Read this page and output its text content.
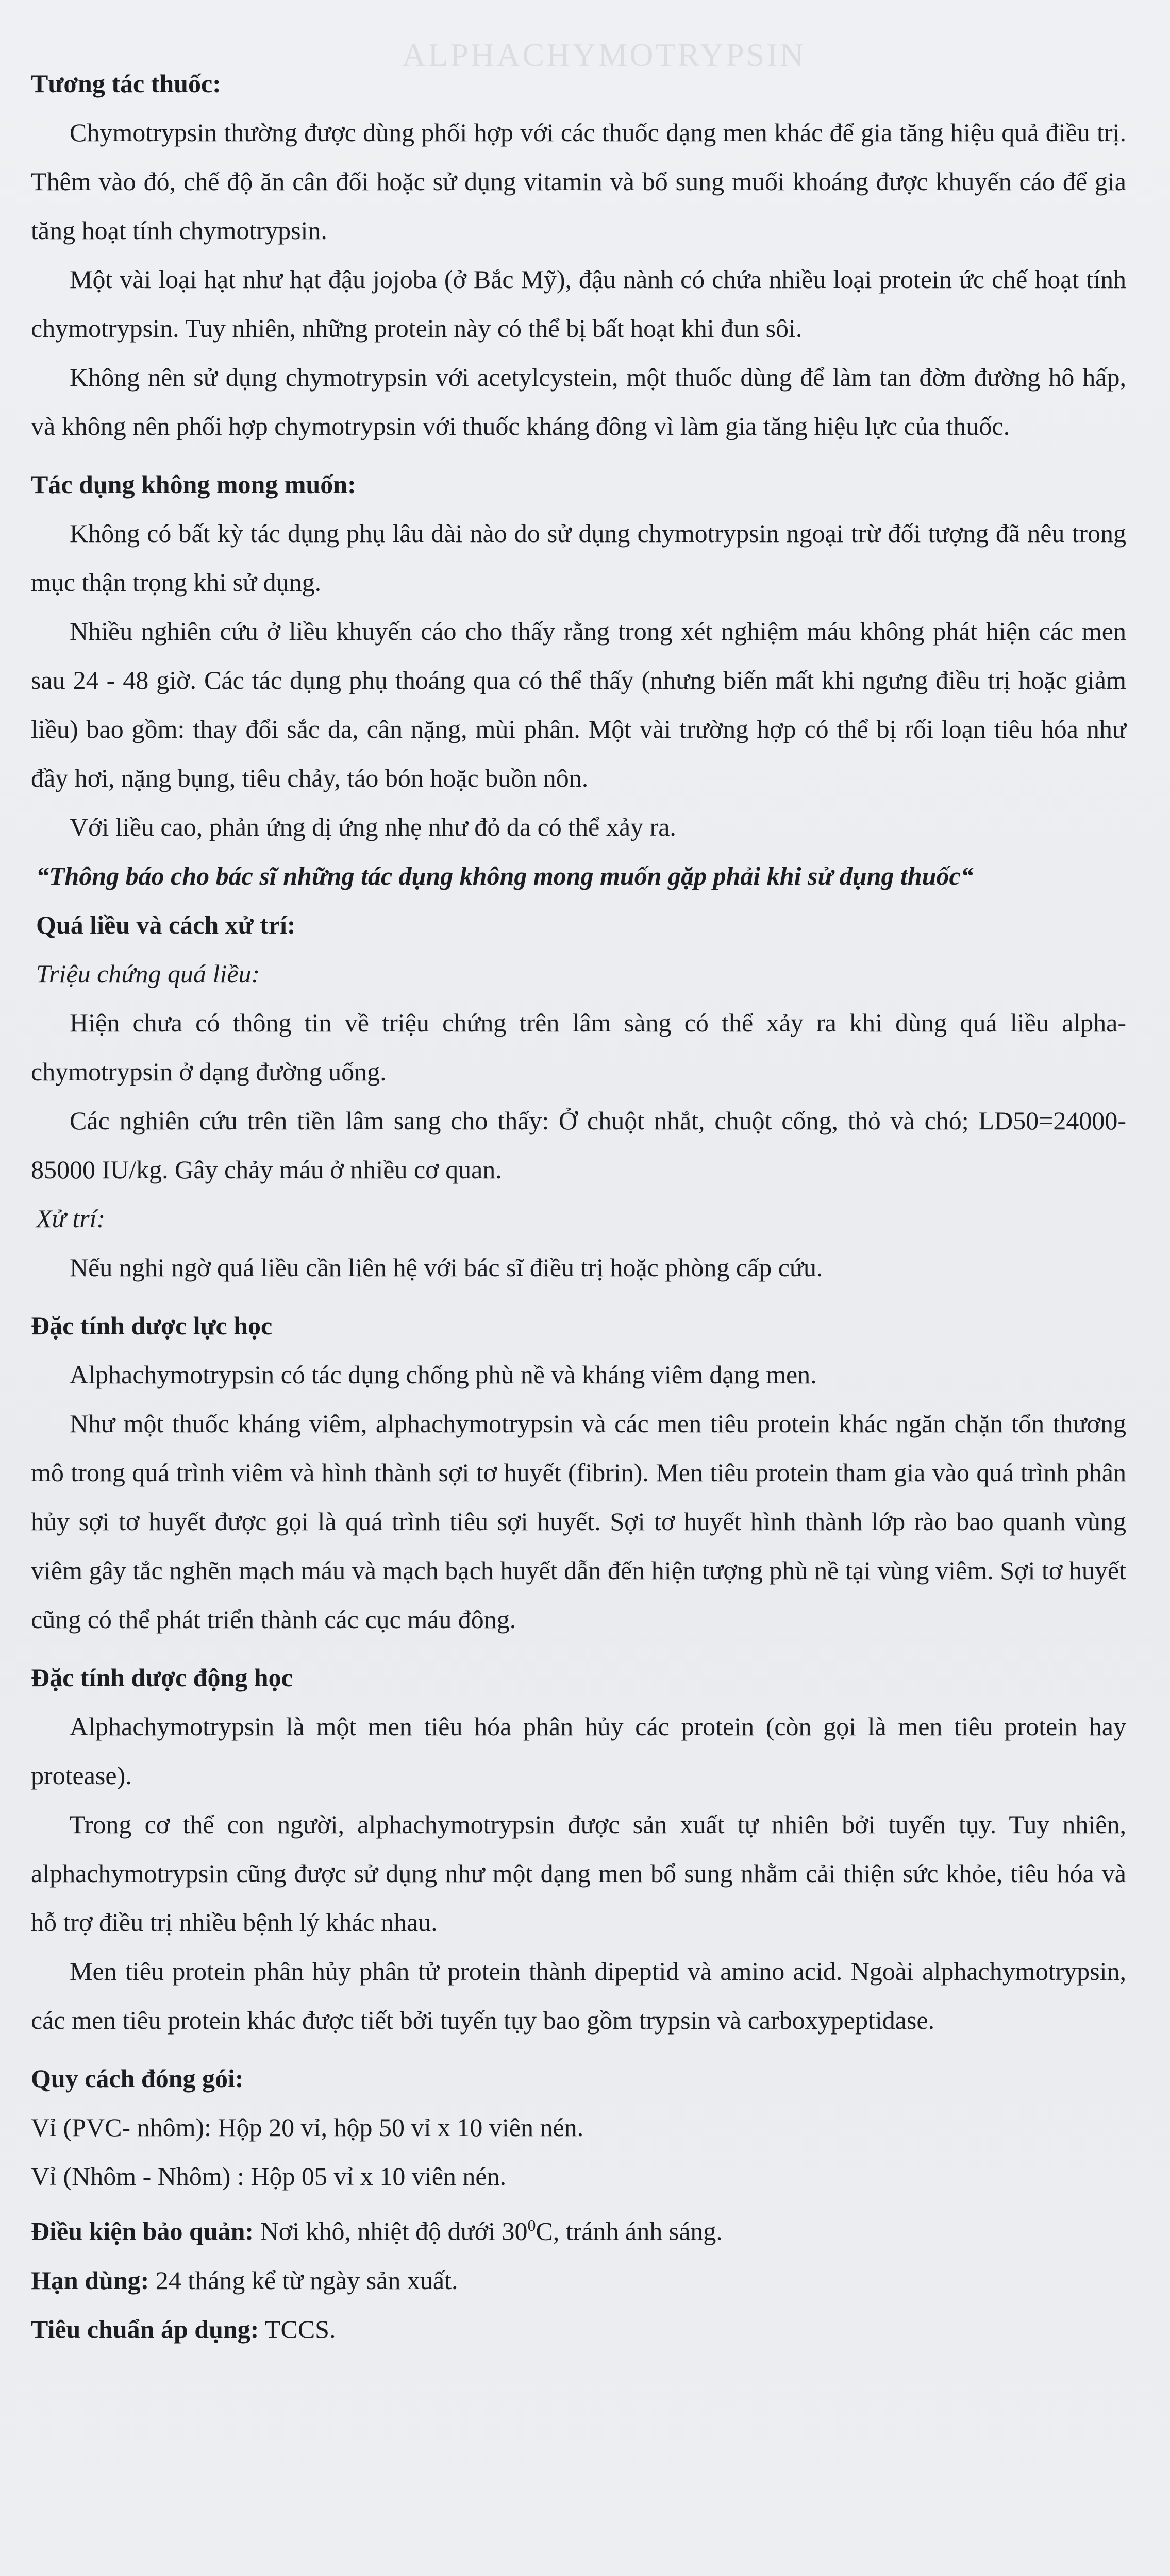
ALPHACHYMOTRYPSIN

Tương tác thuốc:

Chymotrypsin thường được dùng phối hợp với các thuốc dạng men khác để gia tăng hiệu quả điều trị. Thêm vào đó, chế độ ăn cân đối hoặc sử dụng vitamin và bổ sung muối khoáng được khuyến cáo để gia tăng hoạt tính chymotrypsin.

Một vài loại hạt như hạt đậu jojoba (ở Bắc Mỹ), đậu nành có chứa nhiều loại protein ức chế hoạt tính chymotrypsin. Tuy nhiên, những protein này có thể bị bất hoạt khi đun sôi.

Không nên sử dụng chymotrypsin với acetylcystein, một thuốc dùng để làm tan đờm đường hô hấp, và không nên phối hợp chymotrypsin với thuốc kháng đông vì làm gia tăng hiệu lực của thuốc.

Tác dụng không mong muốn:

Không có bất kỳ tác dụng phụ lâu dài nào do sử dụng chymotrypsin ngoại trừ đối tượng đã nêu trong mục thận trọng khi sử dụng.

Nhiều nghiên cứu ở liều khuyến cáo cho thấy rằng trong xét nghiệm máu không phát hiện các men sau 24 - 48 giờ. Các tác dụng phụ thoáng qua có thể thấy (nhưng biến mất khi ngưng điều trị hoặc giảm liều) bao gồm: thay đổi sắc da, cân nặng, mùi phân. Một vài trường hợp có thể bị rối loạn tiêu hóa như đầy hơi, nặng bụng, tiêu chảy, táo bón hoặc buồn nôn.

Với liều cao, phản ứng dị ứng nhẹ như đỏ da có thể xảy ra.

“Thông báo cho bác sĩ những tác dụng không mong muốn gặp phải khi sử dụng thuốc“

Quá liều và cách xử trí:

Triệu chứng quá liều:

Hiện chưa có thông tin về triệu chứng trên lâm sàng có thể xảy ra khi dùng quá liều alpha-chymotrypsin ở dạng đường uống.

Các nghiên cứu trên tiền lâm sang cho thấy: Ở chuột nhắt, chuột cống, thỏ và chó; LD50=24000-85000 IU/kg. Gây chảy máu ở nhiều cơ quan.

Xử trí:

Nếu nghi ngờ quá liều cần liên hệ với bác sĩ điều trị hoặc phòng cấp cứu.

Đặc tính dược lực học

Alphachymotrypsin có tác dụng chống phù nề và kháng viêm dạng men.

Như một thuốc kháng viêm, alphachymotrypsin và các men tiêu protein khác ngăn chặn tổn thương mô trong quá trình viêm và hình thành sợi tơ huyết (fibrin). Men tiêu protein tham gia vào quá trình phân hủy sợi tơ huyết được gọi là quá trình tiêu sợi huyết. Sợi tơ huyết hình thành lớp rào bao quanh vùng viêm gây tắc nghẽn mạch máu và mạch bạch huyết dẫn đến hiện tượng phù nề tại vùng viêm. Sợi tơ huyết cũng có thể phát triển thành các cục máu đông.

Đặc tính dược động học

Alphachymotrypsin là một men tiêu hóa phân hủy các protein (còn gọi là men tiêu protein hay protease).

Trong cơ thể con người, alphachymotrypsin được sản xuất tự nhiên bởi tuyến tụy. Tuy nhiên, alphachymotrypsin cũng được sử dụng như một dạng men bổ sung nhằm cải thiện sức khỏe, tiêu hóa và hỗ trợ điều trị nhiều bệnh lý khác nhau.

Men tiêu protein phân hủy phân tử protein thành dipeptid và amino acid. Ngoài alphachymotrypsin, các men tiêu protein khác được tiết bởi tuyến tụy bao gồm trypsin và carboxypeptidase.

Quy cách đóng gói:

Vỉ (PVC- nhôm): Hộp 20 vỉ, hộp 50 vỉ x 10 viên nén.

Vỉ (Nhôm - Nhôm) : Hộp 05 vỉ x 10 viên nén.

Điều kiện bảo quản: Nơi khô, nhiệt độ dưới $30^0C$, tránh ánh sáng.

Hạn dùng: 24 tháng kể từ ngày sản xuất.

Tiêu chuẩn áp dụng: TCCS.
